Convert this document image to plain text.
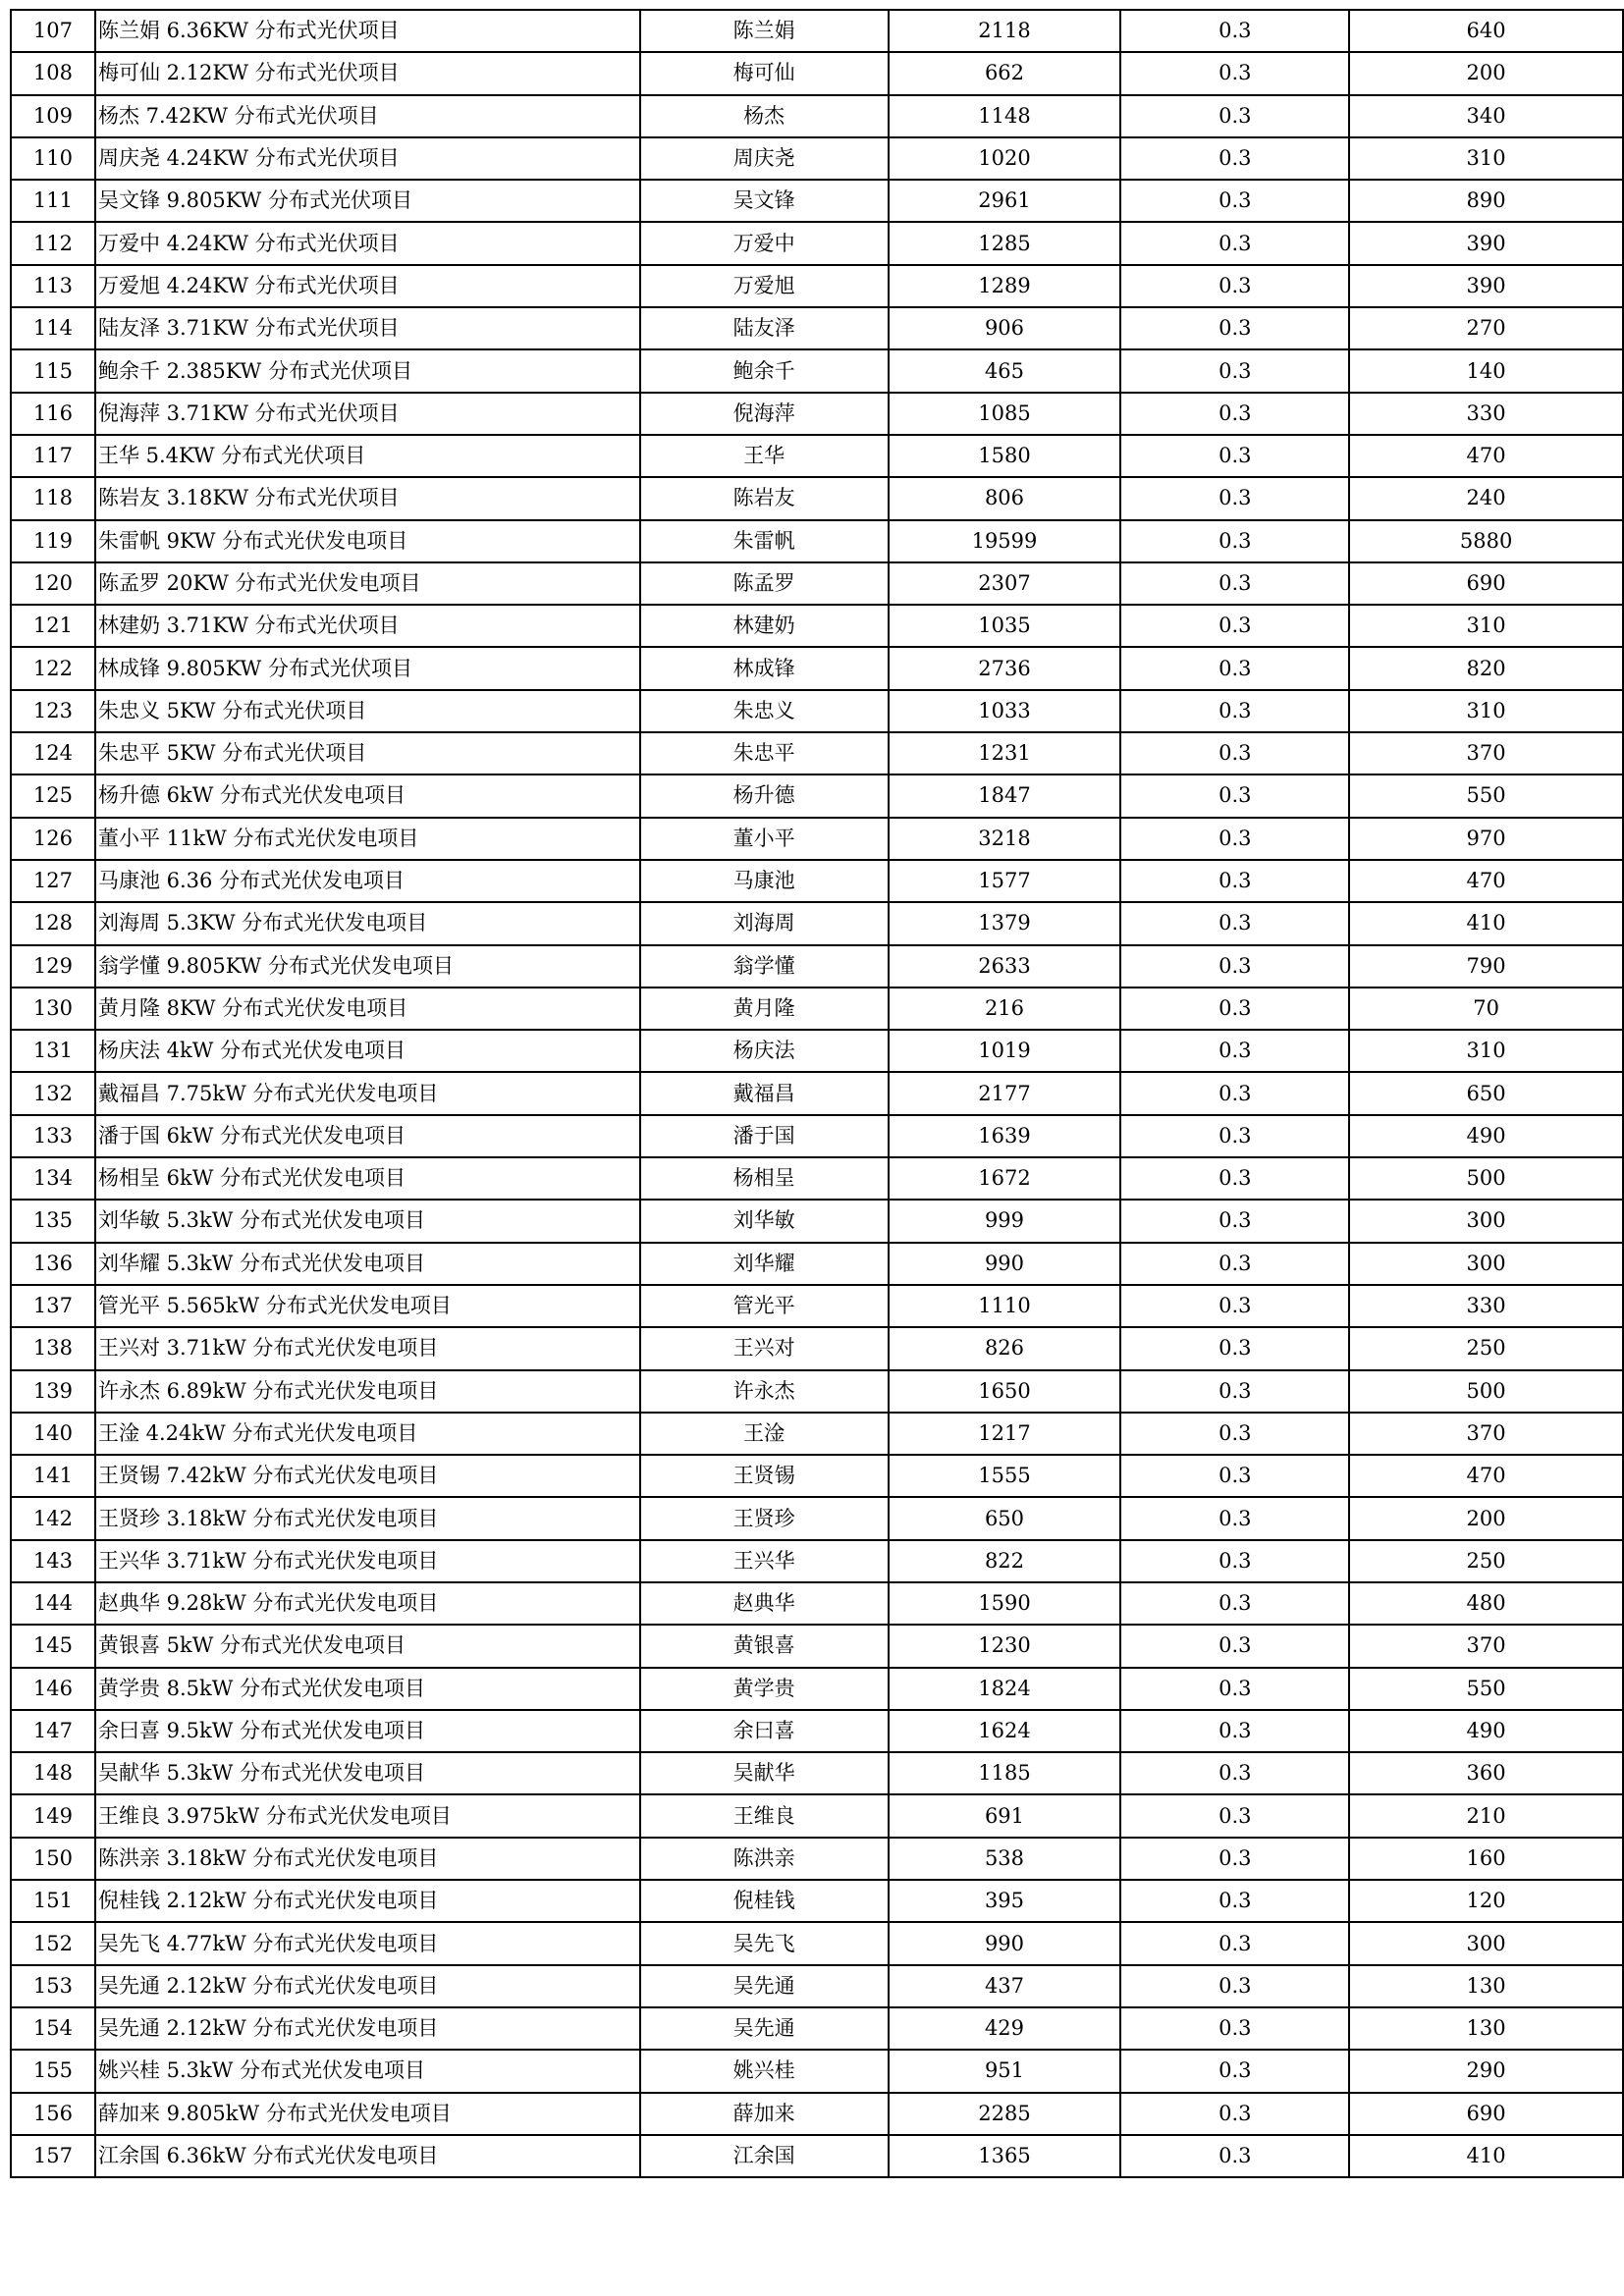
107	陈兰娟 6.36KW 分布式光伏项目	陈兰娟	2118	0.3	640
108	梅可仙 2.12KW 分布式光伏项目	梅可仙	662	0.3	200
109	杨杰 7.42KW 分布式光伏项目	杨杰	1148	0.3	340
110	周庆尧 4.24KW 分布式光伏项目	周庆尧	1020	0.3	310
111	吴文锋 9.805KW 分布式光伏项目	吴文锋	2961	0.3	890
112	万爱中 4.24KW 分布式光伏项目	万爱中	1285	0.3	390
113	万爱旭 4.24KW 分布式光伏项目	万爱旭	1289	0.3	390
114	陆友泽 3.71KW 分布式光伏项目	陆友泽	906	0.3	270
115	鲍余千 2.385KW 分布式光伏项目	鲍余千	465	0.3	140
116	倪海萍 3.71KW 分布式光伏项目	倪海萍	1085	0.3	330
117	王华 5.4KW 分布式光伏项目	王华	1580	0.3	470
118	陈岩友 3.18KW 分布式光伏项目	陈岩友	806	0.3	240
119	朱雷帆 9KW 分布式光伏发电项目	朱雷帆	19599	0.3	5880
120	陈孟罗 20KW 分布式光伏发电项目	陈孟罗	2307	0.3	690
121	林建奶 3.71KW 分布式光伏项目	林建奶	1035	0.3	310
122	林成锋 9.805KW 分布式光伏项目	林成锋	2736	0.3	820
123	朱忠义 5KW 分布式光伏项目	朱忠义	1033	0.3	310
124	朱忠平 5KW 分布式光伏项目	朱忠平	1231	0.3	370
125	杨升德 6kW 分布式光伏发电项目	杨升德	1847	0.3	550
126	董小平 11kW 分布式光伏发电项目	董小平	3218	0.3	970
127	马康池 6.36 分布式光伏发电项目	马康池	1577	0.3	470
128	刘海周 5.3KW 分布式光伏发电项目	刘海周	1379	0.3	410
129	翁学懂 9.805KW 分布式光伏发电项目	翁学懂	2633	0.3	790
130	黄月隆 8KW 分布式光伏发电项目	黄月隆	216	0.3	70
131	杨庆法 4kW 分布式光伏发电项目	杨庆法	1019	0.3	310
132	戴福昌 7.75kW 分布式光伏发电项目	戴福昌	2177	0.3	650
133	潘于国 6kW 分布式光伏发电项目	潘于国	1639	0.3	490
134	杨相呈 6kW 分布式光伏发电项目	杨相呈	1672	0.3	500
135	刘华敏 5.3kW 分布式光伏发电项目	刘华敏	999	0.3	300
136	刘华耀 5.3kW 分布式光伏发电项目	刘华耀	990	0.3	300
137	管光平 5.565kW 分布式光伏发电项目	管光平	1110	0.3	330
138	王兴对 3.71kW 分布式光伏发电项目	王兴对	826	0.3	250
139	许永杰 6.89kW 分布式光伏发电项目	许永杰	1650	0.3	500
140	王淦 4.24kW 分布式光伏发电项目	王淦	1217	0.3	370
141	王贤锡 7.42kW 分布式光伏发电项目	王贤锡	1555	0.3	470
142	王贤珍 3.18kW 分布式光伏发电项目	王贤珍	650	0.3	200
143	王兴华 3.71kW 分布式光伏发电项目	王兴华	822	0.3	250
144	赵典华 9.28kW 分布式光伏发电项目	赵典华	1590	0.3	480
145	黄银喜 5kW 分布式光伏发电项目	黄银喜	1230	0.3	370
146	黄学贵 8.5kW 分布式光伏发电项目	黄学贵	1824	0.3	550
147	余曰喜 9.5kW 分布式光伏发电项目	余曰喜	1624	0.3	490
148	吴献华 5.3kW 分布式光伏发电项目	吴献华	1185	0.3	360
149	王维良 3.975kW 分布式光伏发电项目	王维良	691	0.3	210
150	陈洪亲 3.18kW 分布式光伏发电项目	陈洪亲	538	0.3	160
151	倪桂钱 2.12kW 分布式光伏发电项目	倪桂钱	395	0.3	120
152	吴先飞 4.77kW 分布式光伏发电项目	吴先飞	990	0.3	300
153	吴先通 2.12kW 分布式光伏发电项目	吴先通	437	0.3	130
154	吴先通 2.12kW 分布式光伏发电项目	吴先通	429	0.3	130
155	姚兴桂 5.3kW 分布式光伏发电项目	姚兴桂	951	0.3	290
156	薛加来 9.805kW 分布式光伏发电项目	薛加来	2285	0.3	690
157	江余国 6.36kW 分布式光伏发电项目	江余国	1365	0.3	410
